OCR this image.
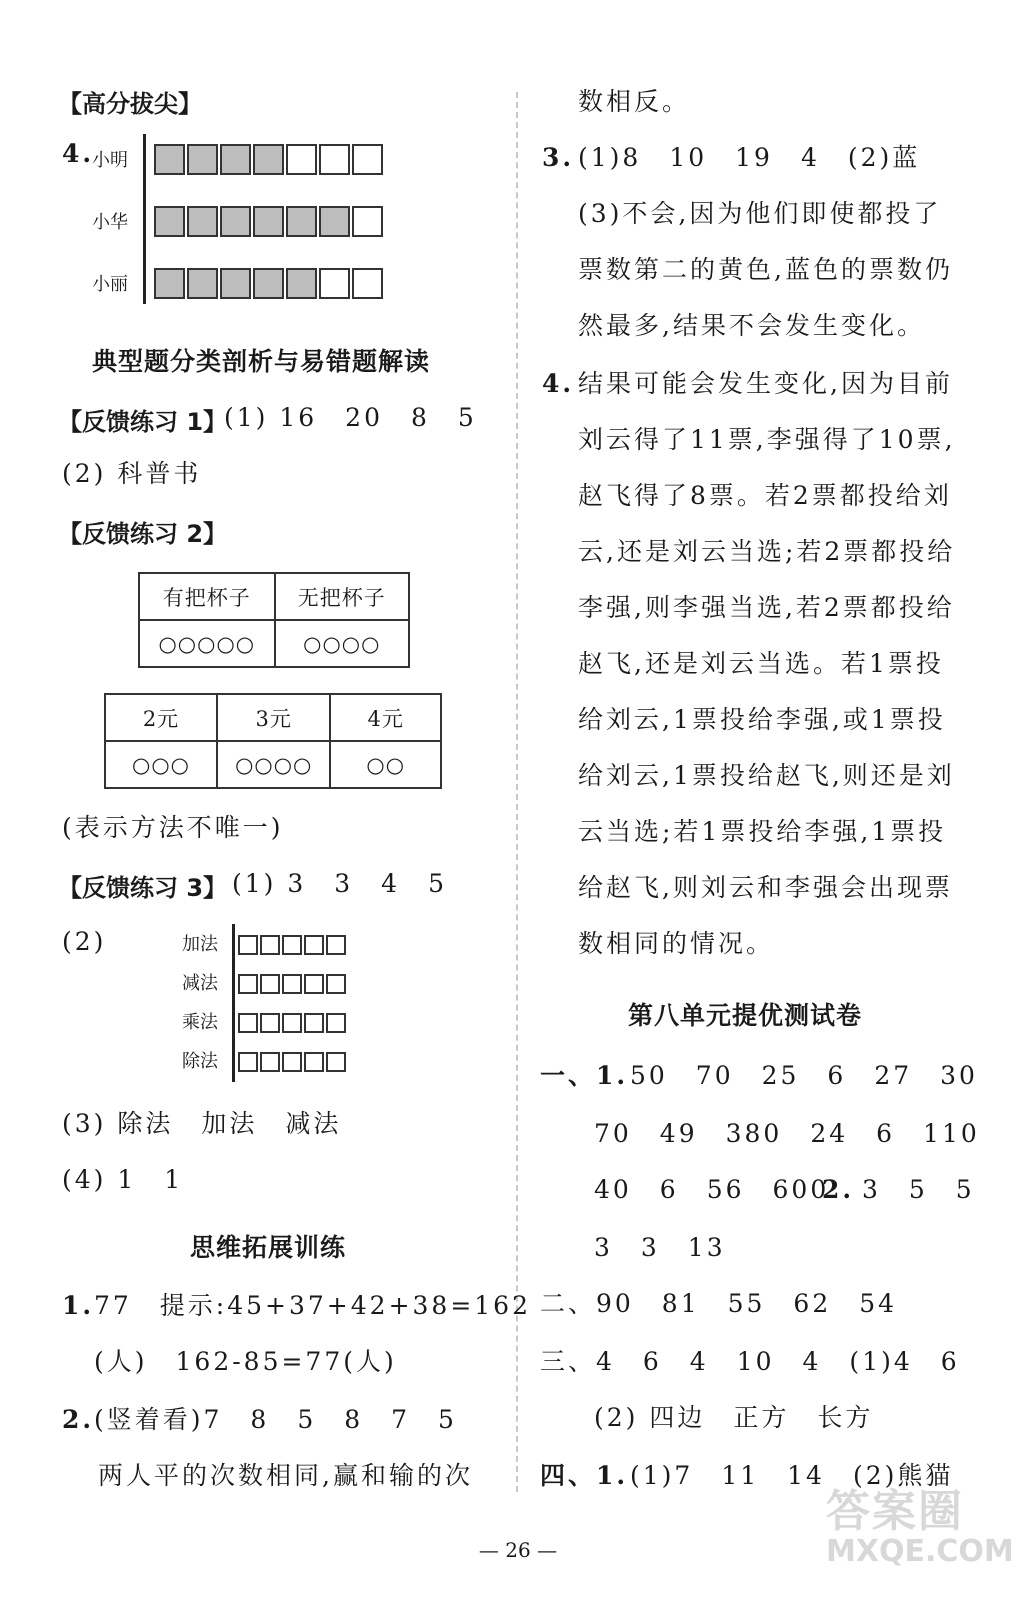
【高分拔尖】
4.
小明
小华
小丽
典型题分类剖析与易错题解读
【反馈练习 1】
(1) 16　20　8　5
(2) 科普书
【反馈练习 2】
有把杯子	无把杯子
○○○○○	○○○○
2元	3元	4元
○○○	○○○○	○○
(表示方法不唯一)
【反馈练习 3】 (1) 3　3　4　5
(2)	加法
减法
乘法
除法
(3) 除法　加法　减法
(4) 1　1
思维拓展训练
1. 77　提示:45+37+42+38=162
(人)　162-85=77(人)
2. (竖着看)7　8　5　8　7　5
两人平的次数相同,赢和输的次
数相反。
3. (1)8　10　19　4　(2)蓝
(3)不会,因为他们即使都投了
票数第二的黄色,蓝色的票数仍
然最多,结果不会发生变化。
4. 结果可能会发生变化,因为目前
刘云得了11票,李强得了10票,
赵飞得了8票。若2票都投给刘
云,还是刘云当选;若2票都投给
李强,则李强当选,若2票都投给
赵飞,还是刘云当选。若1票投
给刘云,1票投给李强,或1票投
给刘云,1票投给赵飞,则还是刘
云当选;若1票投给李强,1票投
给赵飞,则刘云和李强会出现票
数相同的情况。
第八单元提优测试卷
一、 1. 50　70　25　6　27　30
70　49　380　24　6　110
40　6　56　600
2. 3　5　5
3　3　13
二、90　81　55　62　54
三、4　6　4　10　4　(1)4　6
(2) 四边　正方　长方
四、 1. (1)7　11　14　(2)熊猫
— 26 —
答案圈
MXQE.COM
